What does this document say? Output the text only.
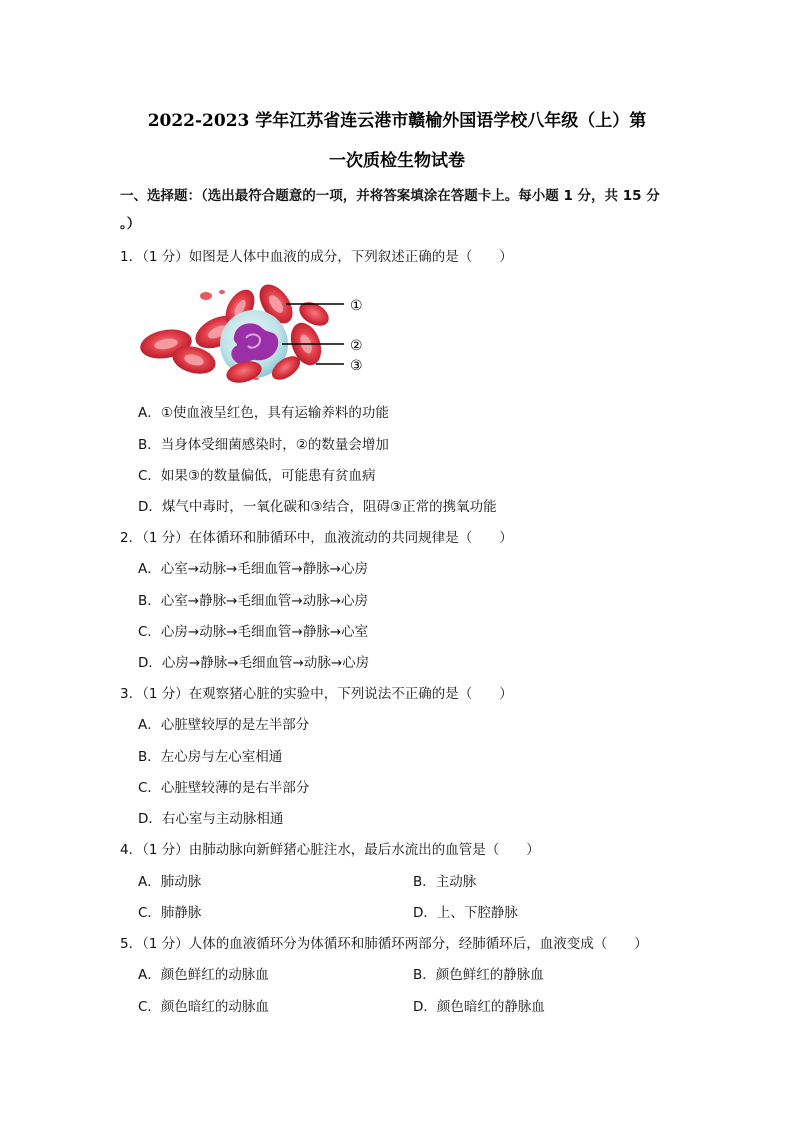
2022-2023 学年江苏省连云港市赣榆外国语学校八年级（上）第
一次质检生物试卷
一、选择题：（选出最符合题意的一项，并将答案填涂在答题卡上。每小题 1 分，共 15 分
。）
1．（1 分）如图是人体中血液的成分，下列叙述正确的是（　　）
①
②
③
A．①使血液呈红色，具有运输养料的功能
B．当身体受细菌感染时，②的数量会增加
C．如果③的数量偏低，可能患有贫血病
D．煤气中毒时，一氧化碳和③结合，阻碍③正常的携氧功能
2．（1 分）在体循环和肺循环中，血液流动的共同规律是（　　）
A．心室→动脉→毛细血管→静脉→心房
B．心室→静脉→毛细血管→动脉→心房
C．心房→动脉→毛细血管→静脉→心室
D．心房→静脉→毛细血管→动脉→心房
3．（1 分）在观察猪心脏的实验中，下列说法不正确的是（　　）
A．心脏壁较厚的是左半部分
B．左心房与左心室相通
C．心脏壁较薄的是右半部分
D．右心室与主动脉相通
4．（1 分）由肺动脉向新鲜猪心脏注水，最后水流出的血管是（　　）
A．肺动脉	B．主动脉
C．肺静脉	D．上、下腔静脉
5．（1 分）人体的血液循环分为体循环和肺循环两部分，经肺循环后，血液变成（　　）
A．颜色鲜红的动脉血	B．颜色鲜红的静脉血
C．颜色暗红的动脉血	D．颜色暗红的静脉血
